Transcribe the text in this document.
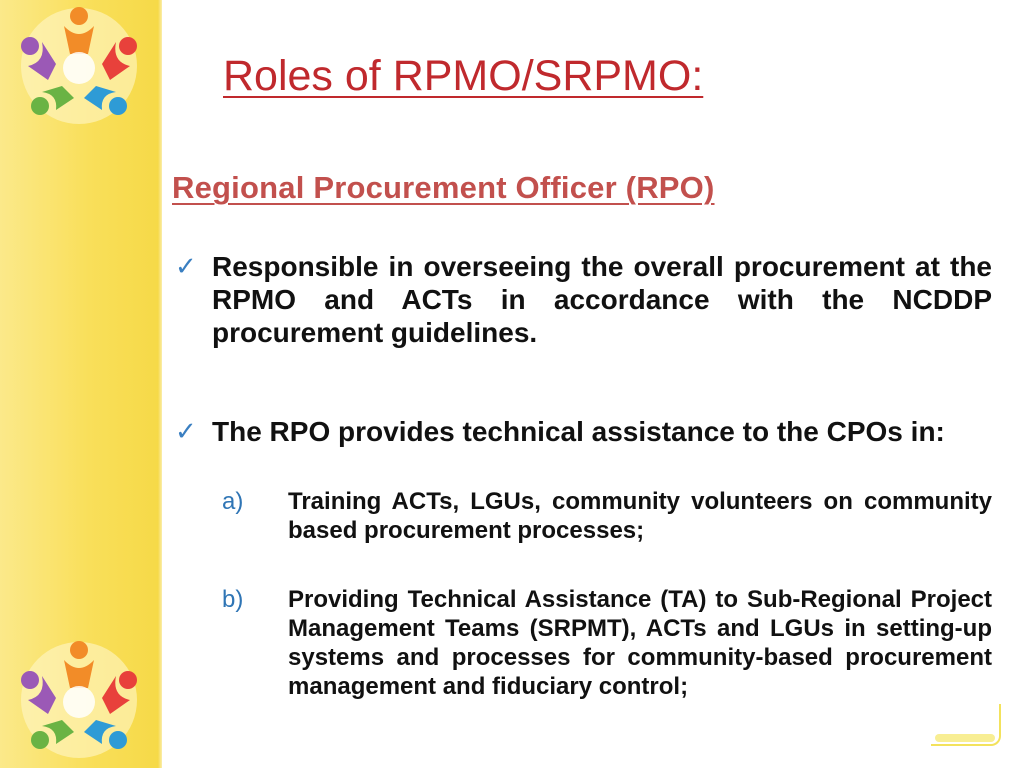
Roles of RPMO/SRPMO:
Regional Procurement Officer (RPO)
✓ Responsible in overseeing the overall procurement at the RPMO and ACTs in accordance with the NCDDP procurement guidelines.
✓ The RPO provides technical assistance to the CPOs in:
a) Training ACTs, LGUs, community volunteers on community based procurement processes;
b) Providing Technical Assistance (TA) to Sub-Regional Project Management Teams (SRPMT), ACTs and LGUs in setting-up systems and processes for community-based procurement management and fiduciary control;
